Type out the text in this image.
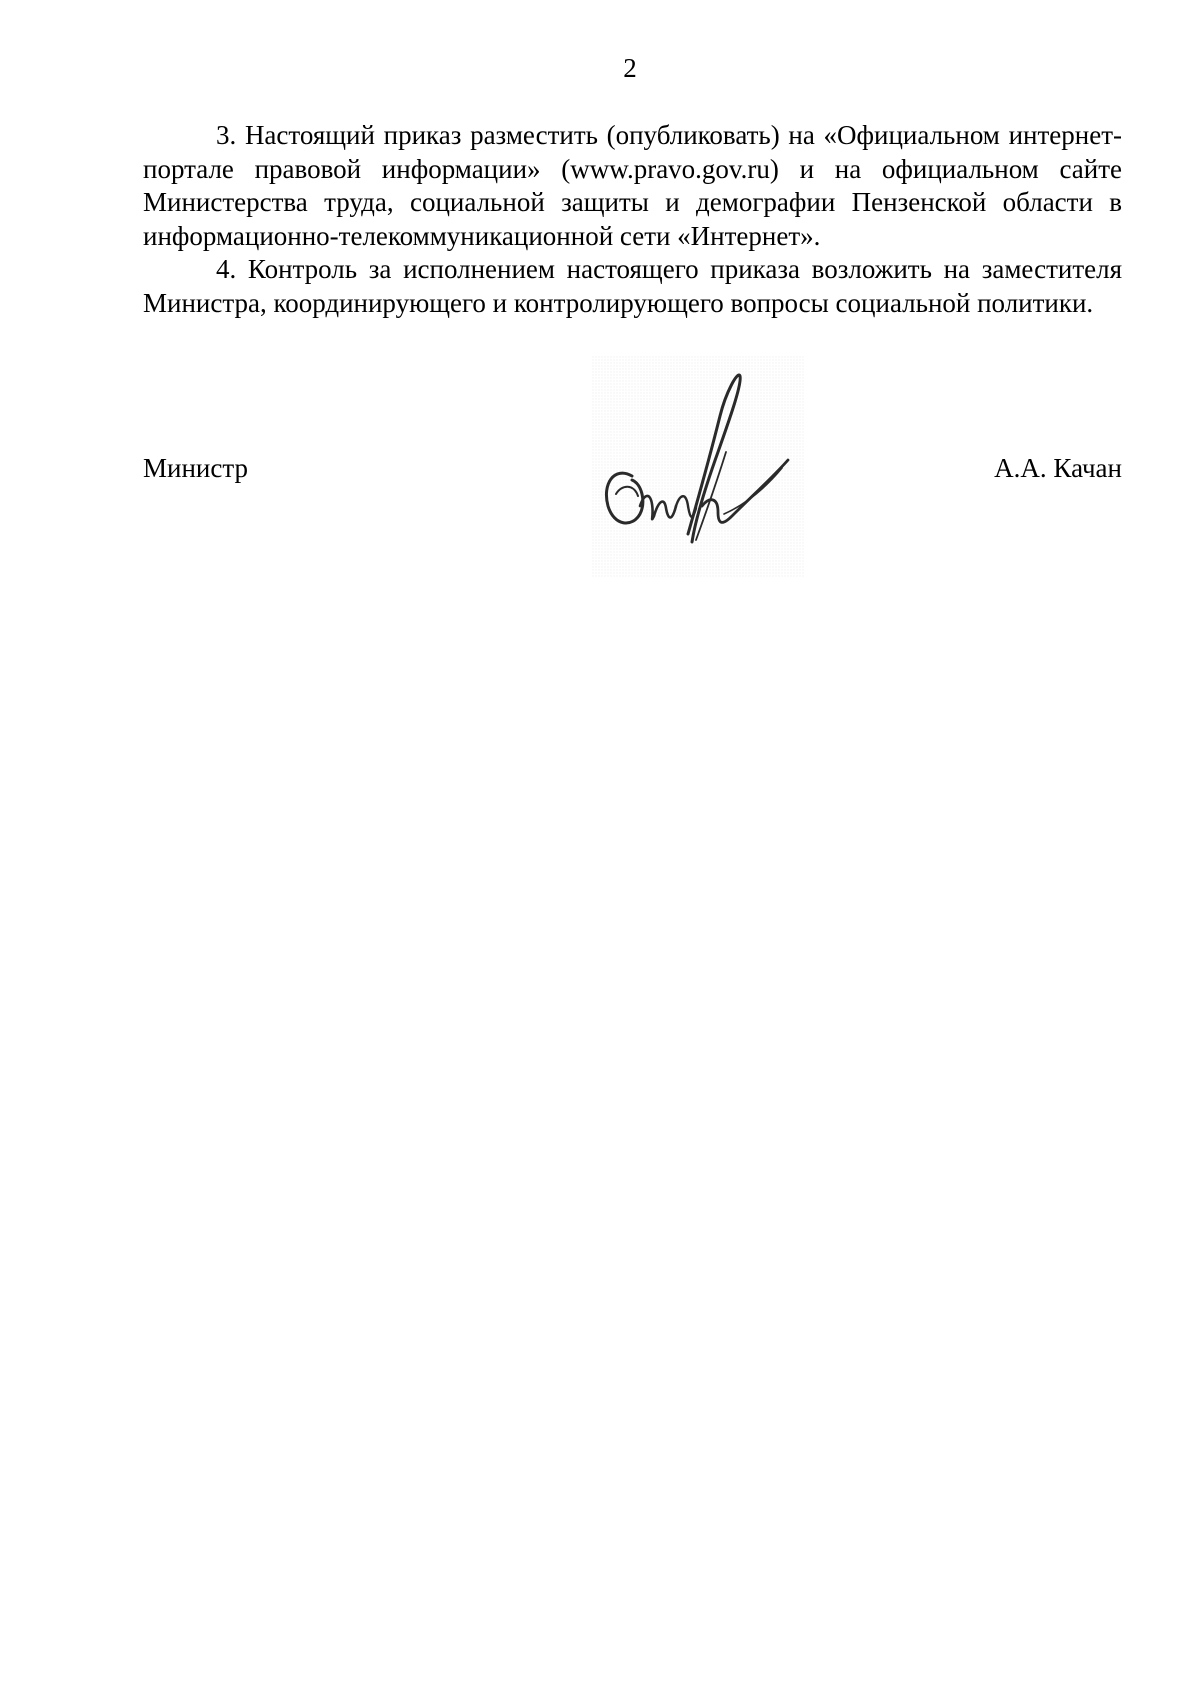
2

3. Настоящий приказ разместить (опубликовать) на «Официальном интернет-портале правовой информации» (www.pravo.gov.ru) и на официальном сайте Министерства труда, социальной защиты и демографии Пензенской области в информационно-телекоммуникационной сети «Интернет».

4. Контроль за исполнением настоящего приказа возложить на заместителя Министра, координирующего и контролирующего вопросы социальной политики.

Министр	А.А. Качан
